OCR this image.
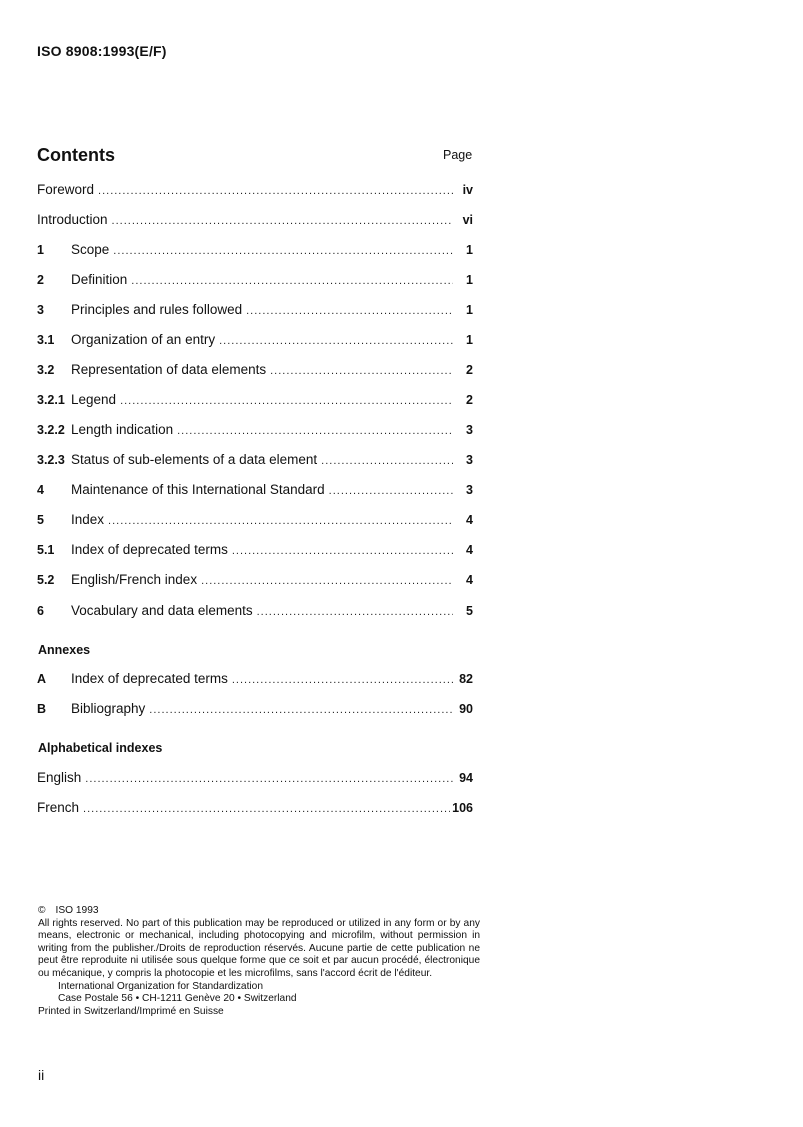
ISO 8908:1993(E/F)
Contents	Page
Foreword .....	iv
Introduction .....	vi
1	Scope .....	1
2	Definition .....	1
3	Principles and rules followed .....	1
3.1	Organization of an entry .....	1
3.2	Representation of data elements .....	2
3.2.1 Legend .....	2
3.2.2 Length indication .....	3
3.2.3 Status of sub-elements of a data element .....	3
4	Maintenance of this International Standard .....	3
5	Index .....	4
5.1	Index of deprecated terms .....	4
5.2	English/French index .....	4
6	Vocabulary and data elements .....	5
Annexes
A	Index of deprecated terms .....	82
B	Bibliography .....	90
Alphabetical indexes
English .....	94
French .....	106

© ISO 1993

All rights reserved. No part of this publication may be reproduced or utilized in any form or by any means, electronic or mechanical, including photocopying and microfilm, without permission in writing from the publisher./Droits de reproduction réservés. Aucune partie de cette publication ne peut être reproduite ni utilisée sous quelque forme que ce soit et par aucun procédé, électronique ou mécanique, y compris la photocopie et les microfilms, sans l'accord écrit de l'éditeur.

International Organization for Standardization

Case Postale 56 • CH-1211 Genève 20 • Switzerland

Printed in Switzerland/Imprimé en Suisse

ii
